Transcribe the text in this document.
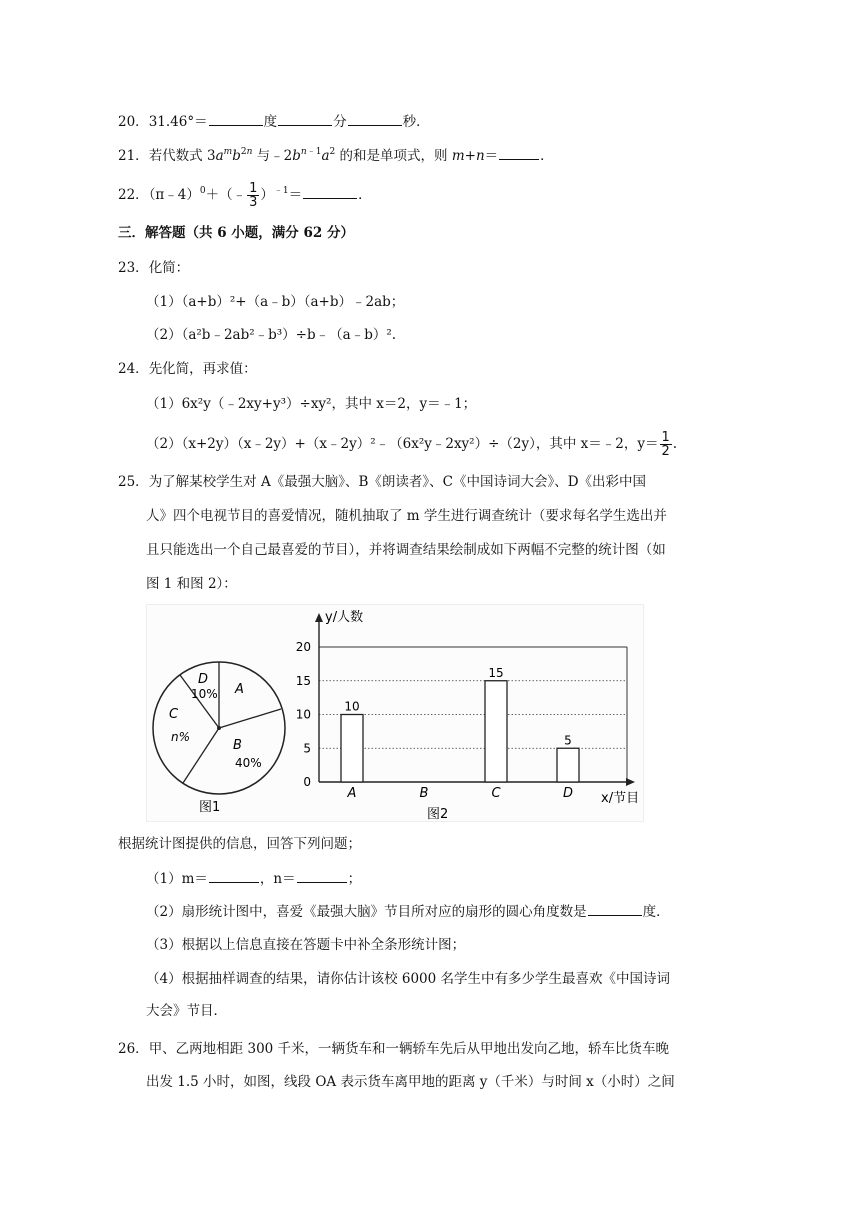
20．31.46°＝	度	分	秒．
21．若代数式 $3a^mb^{2n}$ 与$﹣2b^{n﹣1}a^2$ 的和是单项式，则 m+n＝	．
22．（π﹣4）$^0$＋（﹣ $\frac{1}{3} )^{﹣1}=$	．
三．解答题（共 6 小题，满分 62 分）
23．化简：
（1）（a+b）²+（a﹣b）（a+b）﹣2ab；
（2）（a²b﹣2ab²﹣b³）÷b﹣（a﹣b）².
24．先化简，再求值：
（1）6x²y（﹣2xy+y³）÷xy²，其中 x＝2，y＝﹣1；
（2）（x+2y）（x﹣2y）+（x﹣2y）²﹣（6x²y﹣2xy²）÷（2y），其中 x＝﹣2，$y= \frac{1}{2}$ .
25．为了解某校学生对 A《最强大脑》、B《朗读者》、C《中国诗词大会》、D《出彩中国
人》四个电视节目的喜爱情况，随机抽取了 m 学生进行调查统计（要求每名学生选出并
且只能选出一个自己最喜爱的节目），并将调查结果绘制成如下两幅不完整的统计图（如
图 1 和图 2）：
D
10% A
C
n%
B
40%
图1
y/人数
x/节目
图2
0
5
10
15
20
10
A	B
15
C
5
D
根据统计图提供的信息，回答下列问题；
（1）m＝	，n＝	；
（2）扇形统计图中，喜爱《最强大脑》节目所对应的扇形的圆心角度数是	度．
（3）根据以上信息直接在答题卡中补全条形统计图；
（4）根据抽样调查的结果，请你估计该校 6000 名学生中有多少学生最喜欢《中国诗词
大会》节目．
26．甲、乙两地相距 300 千米，一辆货车和一辆轿车先后从甲地出发向乙地，轿车比货车晚
出发 1.5 小时，如图，线段 OA 表示货车离甲地的距离 y（千米）与时间 x（小时）之间
